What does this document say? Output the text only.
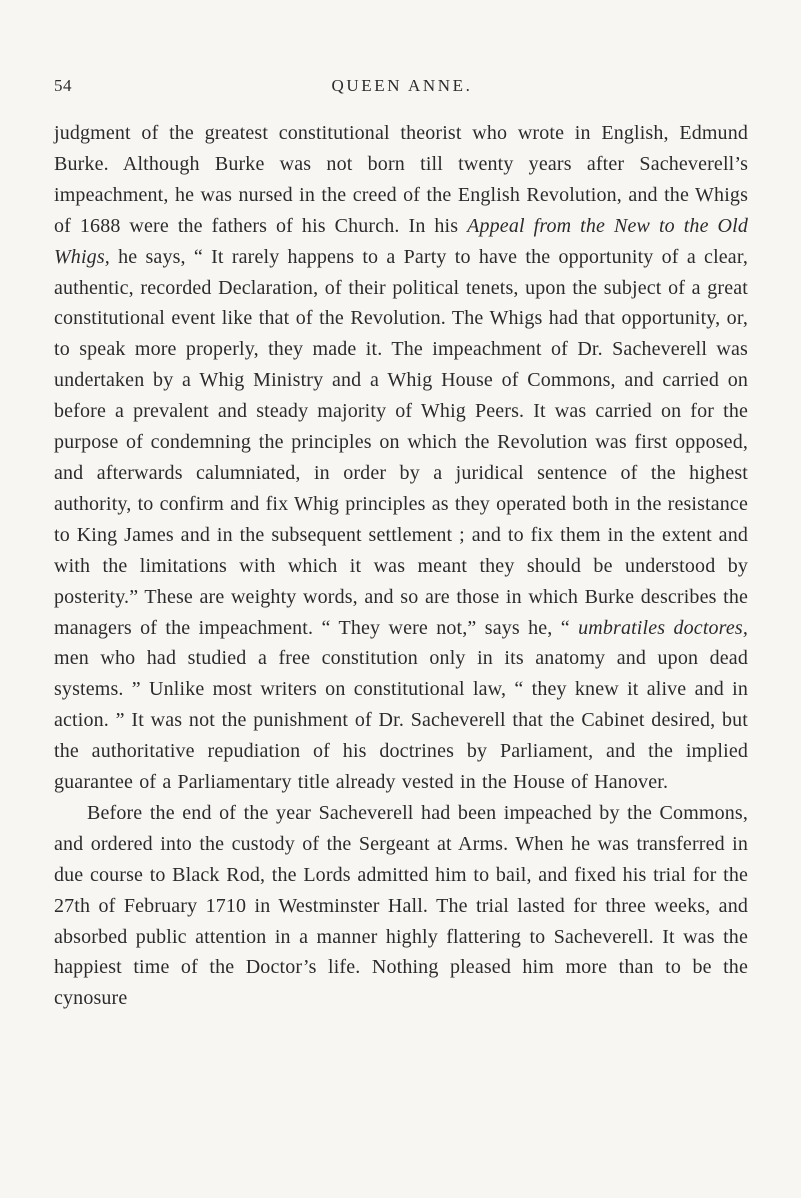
54	QUEEN ANNE.

judgment of the greatest constitutional theorist who wrote in English, Edmund Burke. Although Burke was not born till twenty years after Sacheverell’s impeachment, he was nursed in the creed of the English Revolution, and the Whigs of 1688 were the fathers of his Church. In his Appeal from the New to the Old Whigs, he says, “ It rarely happens to a Party to have the opportunity of a clear, authentic, recorded Declaration, of their political tenets, upon the subject of a great constitutional event like that of the Revolution. The Whigs had that opportunity, or, to speak more properly, they made it. The impeachment of Dr. Sacheverell was undertaken by a Whig Ministry and a Whig House of Commons, and carried on before a prevalent and steady majority of Whig Peers. It was carried on for the purpose of condemning the principles on which the Revolution was first opposed, and afterwards calumniated, in order by a juridical sentence of the highest authority, to confirm and fix Whig principles as they operated both in the resistance to King James and in the subsequent settlement ; and to fix them in the extent and with the limitations with which it was meant they should be understood by posterity.” These are weighty words, and so are those in which Burke describes the managers of the impeachment. “ They were not,” says he, “ umbratiles doctores, men who had studied a free constitution only in its anatomy and upon dead systems. ” Unlike most writers on constitutional law, “ they knew it alive and in action. ” It was not the punishment of Dr. Sacheverell that the Cabinet desired, but the authoritative repudiation of his doctrines by Parliament, and the implied guarantee of a Parliamentary title already vested in the House of Hanover.

Before the end of the year Sacheverell had been impeached by the Commons, and ordered into the custody of the Sergeant at Arms. When he was transferred in due course to Black Rod, the Lords admitted him to bail, and fixed his trial for the 27th of February 1710 in Westminster Hall. The trial lasted for three weeks, and absorbed public attention in a manner highly flattering to Sacheverell. It was the happiest time of the Doctor’s life. Nothing pleased him more than to be the cynosure
